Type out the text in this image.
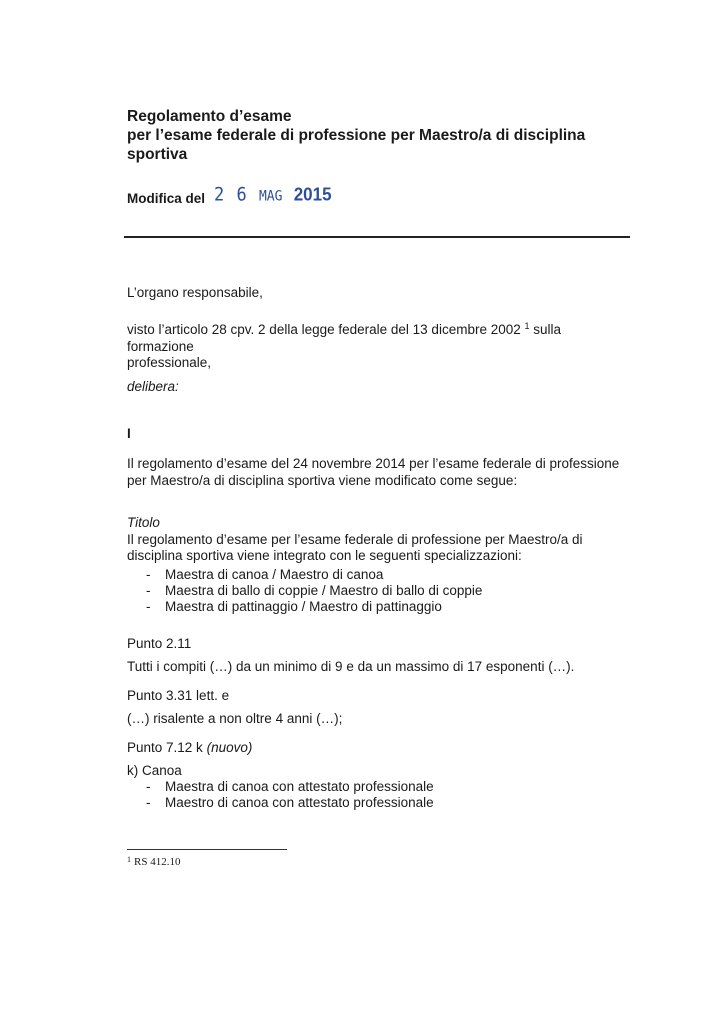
Regolamento d’esame
per l’esame federale di professione per Maestro/a di disciplina
sportiva
Modifica del 2 6 MAG 2015
L’organo responsabile,
visto l’articolo 28 cpv. 2 della legge federale del 13 dicembre 2002 $^1$ sulla formazione
professionale,
delibera:
I
Il regolamento d’esame del 24 novembre 2014 per l’esame federale di professione
per Maestro/a di disciplina sportiva viene modificato come segue:
Titolo
Il regolamento d’esame per l’esame federale di professione per Maestro/a di
disciplina sportiva viene integrato con le seguenti specializzazioni:
- Maestra di canoa / Maestro di canoa
- Maestra di ballo di coppie / Maestro di ballo di coppie
- Maestra di pattinaggio / Maestro di pattinaggio
Punto 2.11
Tutti i compiti (…) da un minimo di 9 e da un massimo di 17 esponenti (…).
Punto 3.31 lett. e
(…) risalente a non oltre 4 anni (…);
Punto 7.12 k (nuovo)
k) Canoa
- Maestra di canoa con attestato professionale
- Maestro di canoa con attestato professionale
$^1$ RS 412.10
